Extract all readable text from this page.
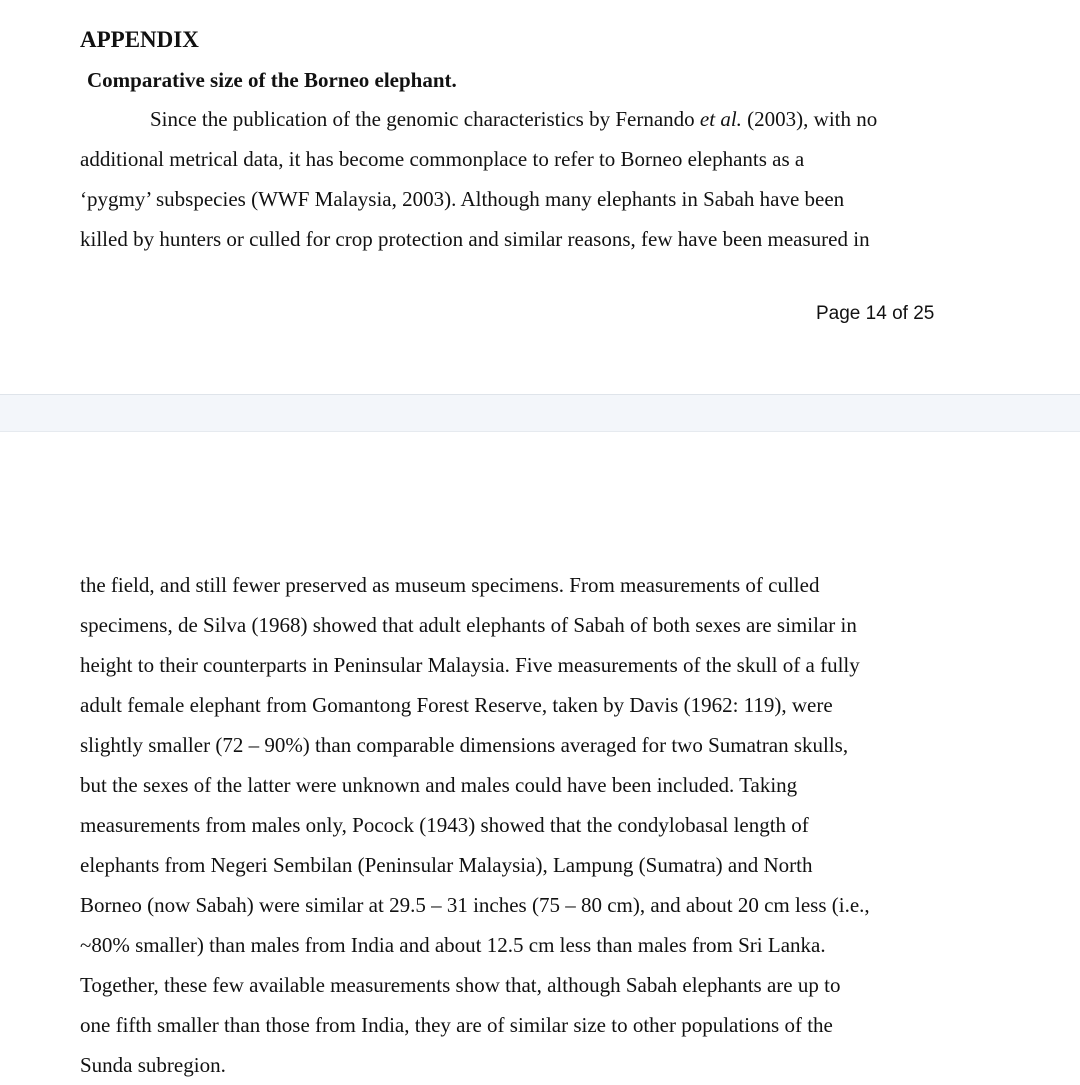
APPENDIX
Comparative size of the Borneo elephant.

Since the publication of the genomic characteristics by Fernando et al. (2003), with no
additional metrical data, it has become commonplace to refer to Borneo elephants as a
‘pygmy’ subspecies (WWF Malaysia, 2003). Although many elephants in Sabah have been
killed by hunters or culled for crop protection and similar reasons, few have been measured in

Page 14 of 25

the field, and still fewer preserved as museum specimens. From measurements of culled
specimens, de Silva (1968) showed that adult elephants of Sabah of both sexes are similar in
height to their counterparts in Peninsular Malaysia. Five measurements of the skull of a fully
adult female elephant from Gomantong Forest Reserve, taken by Davis (1962: 119), were
slightly smaller (72 – 90%) than comparable dimensions averaged for two Sumatran skulls,
but the sexes of the latter were unknown and males could have been included. Taking
measurements from males only, Pocock (1943) showed that the condylobasal length of
elephants from Negeri Sembilan (Peninsular Malaysia), Lampung (Sumatra) and North
Borneo (now Sabah) were similar at 29.5 – 31 inches (75 – 80 cm), and about 20 cm less (i.e.,
~80% smaller) than males from India and about 12.5 cm less than males from Sri Lanka.
Together, these few available measurements show that, although Sabah elephants are up to
one fifth smaller than those from India, they are of similar size to other populations of the
Sunda subregion.
